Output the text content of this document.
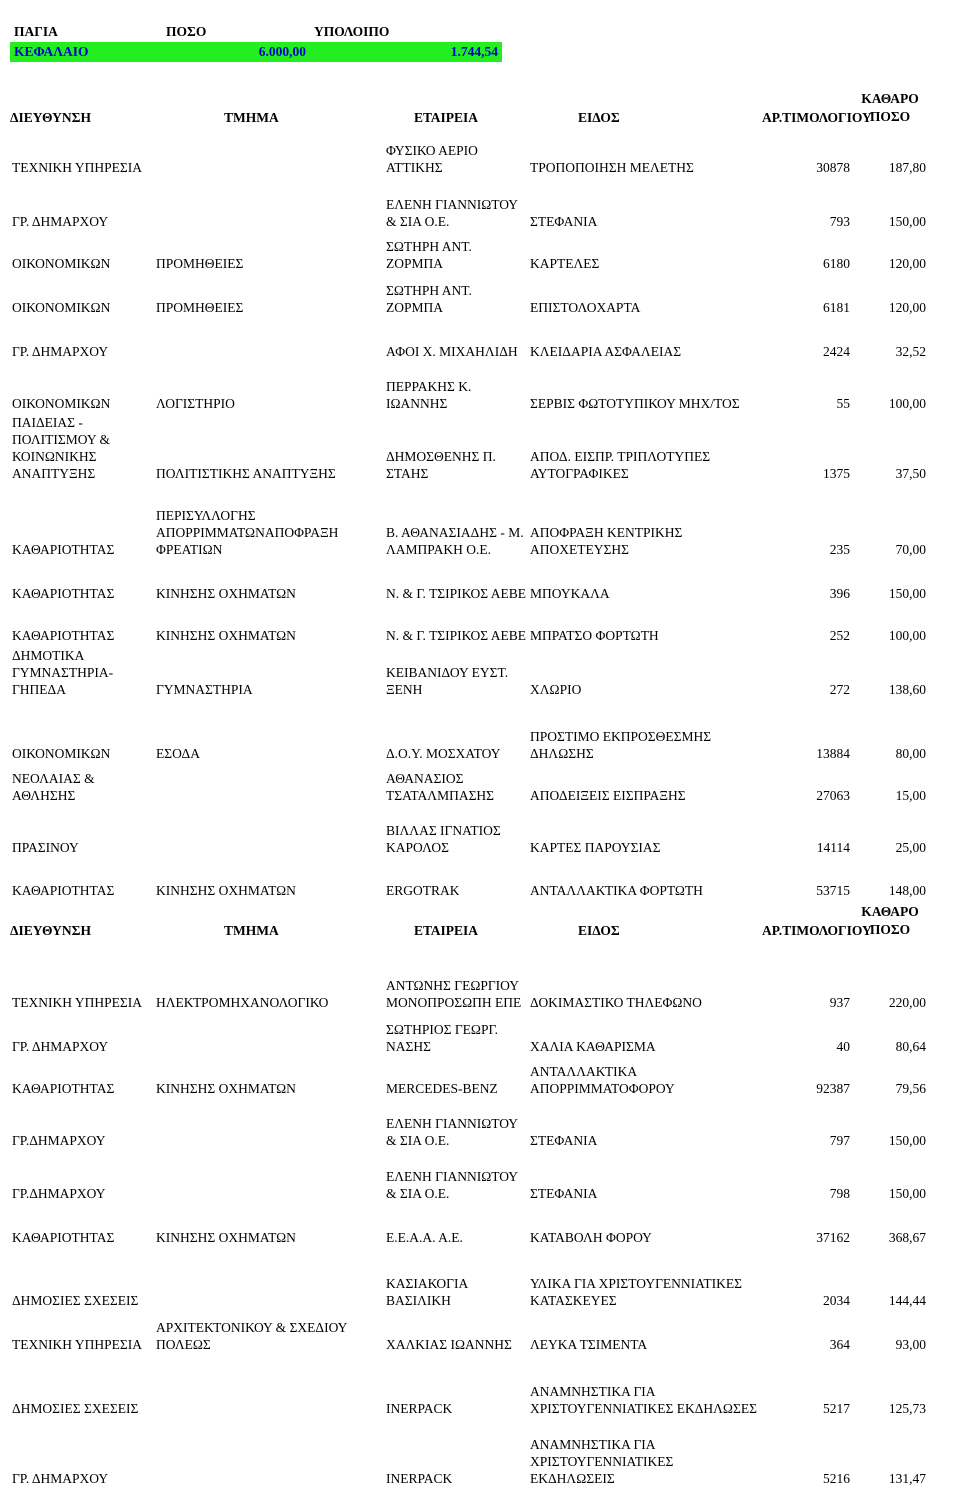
ΠΑΓΙΑ	ΠΟΣΟ	ΥΠΟΛΟΙΠΟ
ΚΕΦΑΛΑΙΟ	6.000,00	1.744,54
ΔΙΕΥΘΥΝΣΗ	ΤΜΗΜΑ	ΕΤΑΙΡΕΙΑ	ΕΙΔΟΣ	ΑΡ.ΤΙΜΟΛΟΓΙΟΥ	ΚΑΘΑΡΟ ΠΟΣΟ
ΤΕΧΝΙΚΗ ΥΠΗΡΕΣΙΑ		ΦΥΣΙΚΟ ΑΕΡΙΟ ΑΤΤΙΚΗΣ	ΤΡΟΠΟΠΟΙΗΣΗ ΜΕΛΕΤΗΣ	30878	187,80
ΓΡ. ΔΗΜΑΡΧΟΥ		ΕΛΕΝΗ ΓΙΑΝΝΙΩΤΟΥ & ΣΙΑ Ο.Ε.	ΣΤΕΦΑΝΙΑ	793	150,00
ΟΙΚΟΝΟΜΙΚΩΝ	ΠΡΟΜΗΘΕΙΕΣ	ΣΩΤΗΡΗ ΑΝΤ. ΖΟΡΜΠΑ	ΚΑΡΤΕΛΕΣ	6180	120,00
ΟΙΚΟΝΟΜΙΚΩΝ	ΠΡΟΜΗΘΕΙΕΣ	ΣΩΤΗΡΗ ΑΝΤ. ΖΟΡΜΠΑ	ΕΠΙΣΤΟΛΟΧΑΡΤΑ	6181	120,00
ΓΡ. ΔΗΜΑΡΧΟΥ		ΑΦΟΙ Χ. ΜΙΧΑΗΛΙΔΗ	ΚΛΕΙΔΑΡΙΑ ΑΣΦΑΛΕΙΑΣ	2424	32,52
ΟΙΚΟΝΟΜΙΚΩΝ	ΛΟΓΙΣΤΗΡΙΟ	ΠΕΡΡΑΚΗΣ Κ. ΙΩΑΝΝΗΣ	ΣΕΡΒΙΣ ΦΩΤΟΤΥΠΙΚΟΥ ΜΗΧ/ΤΟΣ	55	100,00
ΠΑΙΔΕΙΑΣ - ΠΟΛΙΤΙΣΜΟΥ & ΚΟΙΝΩΝΙΚΗΣ ΑΝΑΠΤΥΞΗΣ	ΠΟΛΙΤΙΣΤΙΚΗΣ ΑΝΑΠΤΥΞΗΣ	ΔΗΜΟΣΘΕΝΗΣ Π. ΣΤΑΗΣ	ΑΠΟΔ. ΕΙΣΠΡ. ΤΡΙΠΛΟΤΥΠΕΣ ΑΥΤΟΓΡΑΦΙΚΕΣ	1375	37,50
ΚΑΘΑΡΙΟΤΗΤΑΣ	ΠΕΡΙΣΥΛΛΟΓΗΣ ΑΠΟΡΡΙΜΜΑΤΩΝΑΠΟΦΡΑΞΗ ΦΡΕΑΤΙΩΝ	Β. ΑΘΑΝΑΣΙΑΔΗΣ - Μ. ΛΑΜΠΡΑΚΗ Ο.Ε.	ΑΠΟΦΡΑΞΗ ΚΕΝΤΡΙΚΗΣ ΑΠΟΧΕΤΕΥΣΗΣ	235	70,00
ΚΑΘΑΡΙΟΤΗΤΑΣ	ΚΙΝΗΣΗΣ ΟΧΗΜΑΤΩΝ	Ν. & Γ. ΤΣΙΡΙΚΟΣ ΑΕΒΕ	ΜΠΟΥΚΑΛΑ	396	150,00
ΚΑΘΑΡΙΟΤΗΤΑΣ	ΚΙΝΗΣΗΣ ΟΧΗΜΑΤΩΝ	Ν. & Γ. ΤΣΙΡΙΚΟΣ ΑΕΒΕ	ΜΠΡΑΤΣΟ ΦΟΡΤΩΤΗ	252	100,00
ΔΗΜΟΤΙΚΑ ΓΥΜΝΑΣΤΗΡΙΑ-ΓΗΠΕΔΑ	ΓΥΜΝΑΣΤΗΡΙΑ	ΚΕΙΒΑΝΙΔΟΥ ΕΥΣΤ. ΞΕΝΗ	ΧΛΩΡΙΟ	272	138,60
ΟΙΚΟΝΟΜΙΚΩΝ	ΕΣΟΔΑ	Δ.Ο.Υ. ΜΟΣΧΑΤΟΥ	ΠΡΟΣΤΙΜΟ ΕΚΠΡΟΣΘΕΣΜΗΣ ΔΗΛΩΣΗΣ	13884	80,00
ΝΕΟΛΑΙΑΣ & ΑΘΛΗΣΗΣ		ΑΘΑΝΑΣΙΟΣ ΤΣΑΤΑΛΜΠΑΣΗΣ	ΑΠΟΔΕΙΞΕΙΣ ΕΙΣΠΡΑΞΗΣ	27063	15,00
ΠΡΑΣΙΝΟΥ		ΒΙΛΛΑΣ ΙΓΝΑΤΙΟΣ ΚΑΡΟΛΟΣ	ΚΑΡΤΕΣ ΠΑΡΟΥΣΙΑΣ	14114	25,00
ΚΑΘΑΡΙΟΤΗΤΑΣ	ΚΙΝΗΣΗΣ ΟΧΗΜΑΤΩΝ	ERGOTRAK	ΑΝΤΑΛΛΑΚΤΙΚΑ ΦΟΡΤΩΤΗ	53715	148,00
ΔΙΕΥΘΥΝΣΗ	ΤΜΗΜΑ	ΕΤΑΙΡΕΙΑ	ΕΙΔΟΣ	ΑΡ.ΤΙΜΟΛΟΓΙΟΥ	ΚΑΘΑΡΟ ΠΟΣΟ
ΤΕΧΝΙΚΗ ΥΠΗΡΕΣΙΑ	ΗΛΕΚΤΡΟΜΗΧΑΝΟΛΟΓΙΚΟ	ΑΝΤΩΝΗΣ ΓΕΩΡΓΙΟΥ ΜΟΝΟΠΡΟΣΩΠΗ ΕΠΕ	ΔΟΚΙΜΑΣΤΙΚΟ ΤΗΛΕΦΩΝΟ	937	220,00
ΓΡ. ΔΗΜΑΡΧΟΥ		ΣΩΤΗΡΙΟΣ ΓΕΩΡΓ. ΝΑΣΗΣ	ΧΑΛΙΑ ΚΑΘΑΡΙΣΜΑ	40	80,64
ΚΑΘΑΡΙΟΤΗΤΑΣ	ΚΙΝΗΣΗΣ ΟΧΗΜΑΤΩΝ	MERCEDES-BENZ	ΑΝΤΑΛΛΑΚΤΙΚΑ ΑΠΟΡΡΙΜΜΑΤΟΦΟΡΟΥ	92387	79,56
ΓΡ.ΔΗΜΑΡΧΟΥ		ΕΛΕΝΗ ΓΙΑΝΝΙΩΤΟΥ & ΣΙΑ Ο.Ε.	ΣΤΕΦΑΝΙΑ	797	150,00
ΓΡ.ΔΗΜΑΡΧΟΥ		ΕΛΕΝΗ ΓΙΑΝΝΙΩΤΟΥ & ΣΙΑ Ο.Ε.	ΣΤΕΦΑΝΙΑ	798	150,00
ΚΑΘΑΡΙΟΤΗΤΑΣ	ΚΙΝΗΣΗΣ ΟΧΗΜΑΤΩΝ	Ε.Ε.Α.Α. Α.Ε.	ΚΑΤΑΒΟΛΗ ΦΟΡΟΥ	37162	368,67
ΔΗΜΟΣΙΕΣ ΣΧΕΣΕΙΣ		ΚΑΣΙΑΚΟΓΙΑ ΒΑΣΙΛΙΚΗ	ΥΛΙΚΑ ΓΙΑ ΧΡΙΣΤΟΥΓΕΝΝΙΑΤΙΚΕΣ ΚΑΤΑΣΚΕΥΕΣ	2034	144,44
ΤΕΧΝΙΚΗ ΥΠΗΡΕΣΙΑ	ΑΡΧΙΤΕΚΤΟΝΙΚΟΥ & ΣΧΕΔΙΟΥ ΠΟΛΕΩΣ	ΧΑΛΚΙΑΣ ΙΩΑΝΝΗΣ	ΛΕΥΚΑ ΤΣΙΜΕΝΤΑ	364	93,00
ΔΗΜΟΣΙΕΣ ΣΧΕΣΕΙΣ		INERPACK	ΑΝΑΜΝΗΣΤΙΚΑ ΓΙΑ ΧΡΙΣΤΟΥΓΕΝΝΙΑΤΙΚΕΣ ΕΚΔΗΛΩΣΕΣ	5217	125,73
ΓΡ. ΔΗΜΑΡΧΟΥ		INERPACK	ΑΝΑΜΝΗΣΤΙΚΑ ΓΙΑ ΧΡΙΣΤΟΥΓΕΝΝΙΑΤΙΚΕΣ ΕΚΔΗΛΩΣΕΙΣ	5216	131,47
